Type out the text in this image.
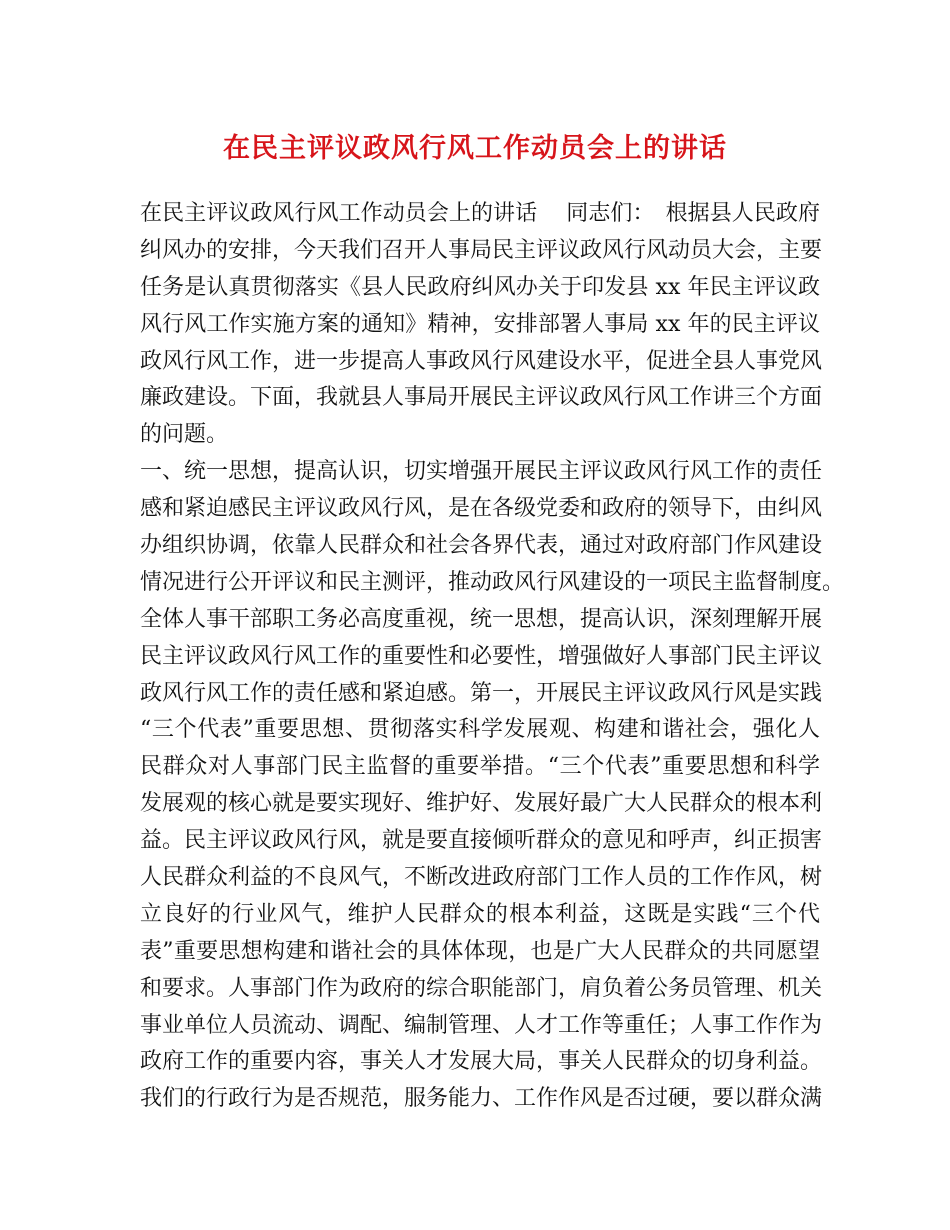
在民主评议政风行风工作动员会上的讲话
在民主评议政风行风工作动员会上的讲话　 同志们：　根据县人民政府
纠风办的安排，今天我们召开人事局民主评议政风行风动员大会，主要
任务是认真贯彻落实《县人民政府纠风办关于印发县 xx 年民主评议政
风行风工作实施方案的通知》精神，安排部署人事局 xx 年的民主评议
政风行风工作，进一步提高人事政风行风建设水平，促进全县人事党风
廉政建设。下面，我就县人事局开展民主评议政风行风工作讲三个方面
的问题。
一、统一思想，提高认识，切实增强开展民主评议政风行风工作的责任
感和紧迫感民主评议政风行风，是在各级党委和政府的领导下，由纠风
办组织协调，依靠人民群众和社会各界代表，通过对政府部门作风建设
情况进行公开评议和民主测评，推动政风行风建设的一项民主监督制度。
全体人事干部职工务必高度重视，统一思想，提高认识，深刻理解开展
民主评议政风行风工作的重要性和必要性，增强做好人事部门民主评议
政风行风工作的责任感和紧迫感。第一，开展民主评议政风行风是实践
“三个代表”重要思想、贯彻落实科学发展观、构建和谐社会，强化人
民群众对人事部门民主监督的重要举措。“三个代表”重要思想和科学
发展观的核心就是要实现好、维护好、发展好最广大人民群众的根本利
益。民主评议政风行风，就是要直接倾听群众的意见和呼声，纠正损害
人民群众利益的不良风气，不断改进政府部门工作人员的工作作风，树
立良好的行业风气，维护人民群众的根本利益，这既是实践“三个代
表”重要思想构建和谐社会的具体体现，也是广大人民群众的共同愿望
和要求。人事部门作为政府的综合职能部门，肩负着公务员管理、机关
事业单位人员流动、调配、编制管理、人才工作等重任；人事工作作为
政府工作的重要内容，事关人才发展大局，事关人民群众的切身利益。
我们的行政行为是否规范，服务能力、工作作风是否过硬，要以群众满
